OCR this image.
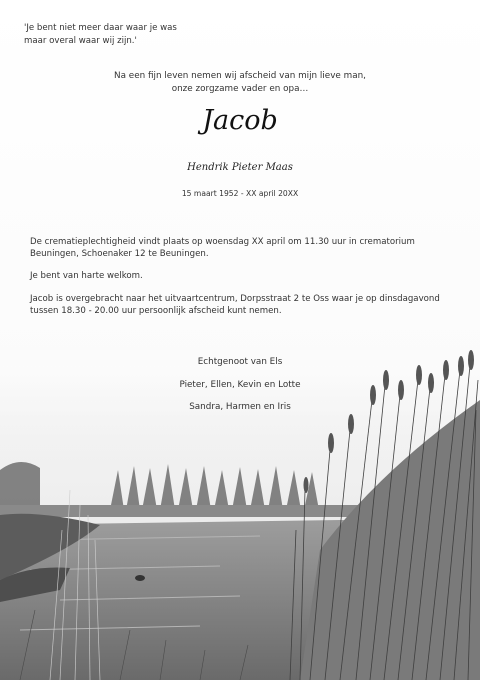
'Je bent niet meer daar waar je was
maar overal waar wij zijn.'
Na een fijn leven nemen wij afscheid van mijn lieve man,
onze zorgzame vader en opa…
Jacob
Hendrik Pieter Maas
15 maart 1952 - XX april 20XX

De crematieplechtigheid vindt plaats op woensdag XX april om 11.30 uur in crematorium Beuningen, Schoenaker 12 te Beuningen.

Je bent van harte welkom.

Jacob is overgebracht naar het uitvaartcentrum, Dorpsstraat 2 te Oss waar je op dinsdagavond tussen 18.30 - 20.00 uur persoonlijk afscheid kunt nemen.

Echtgenoot van Els
Pieter, Ellen, Kevin en Lotte
Sandra, Harmen en Iris
